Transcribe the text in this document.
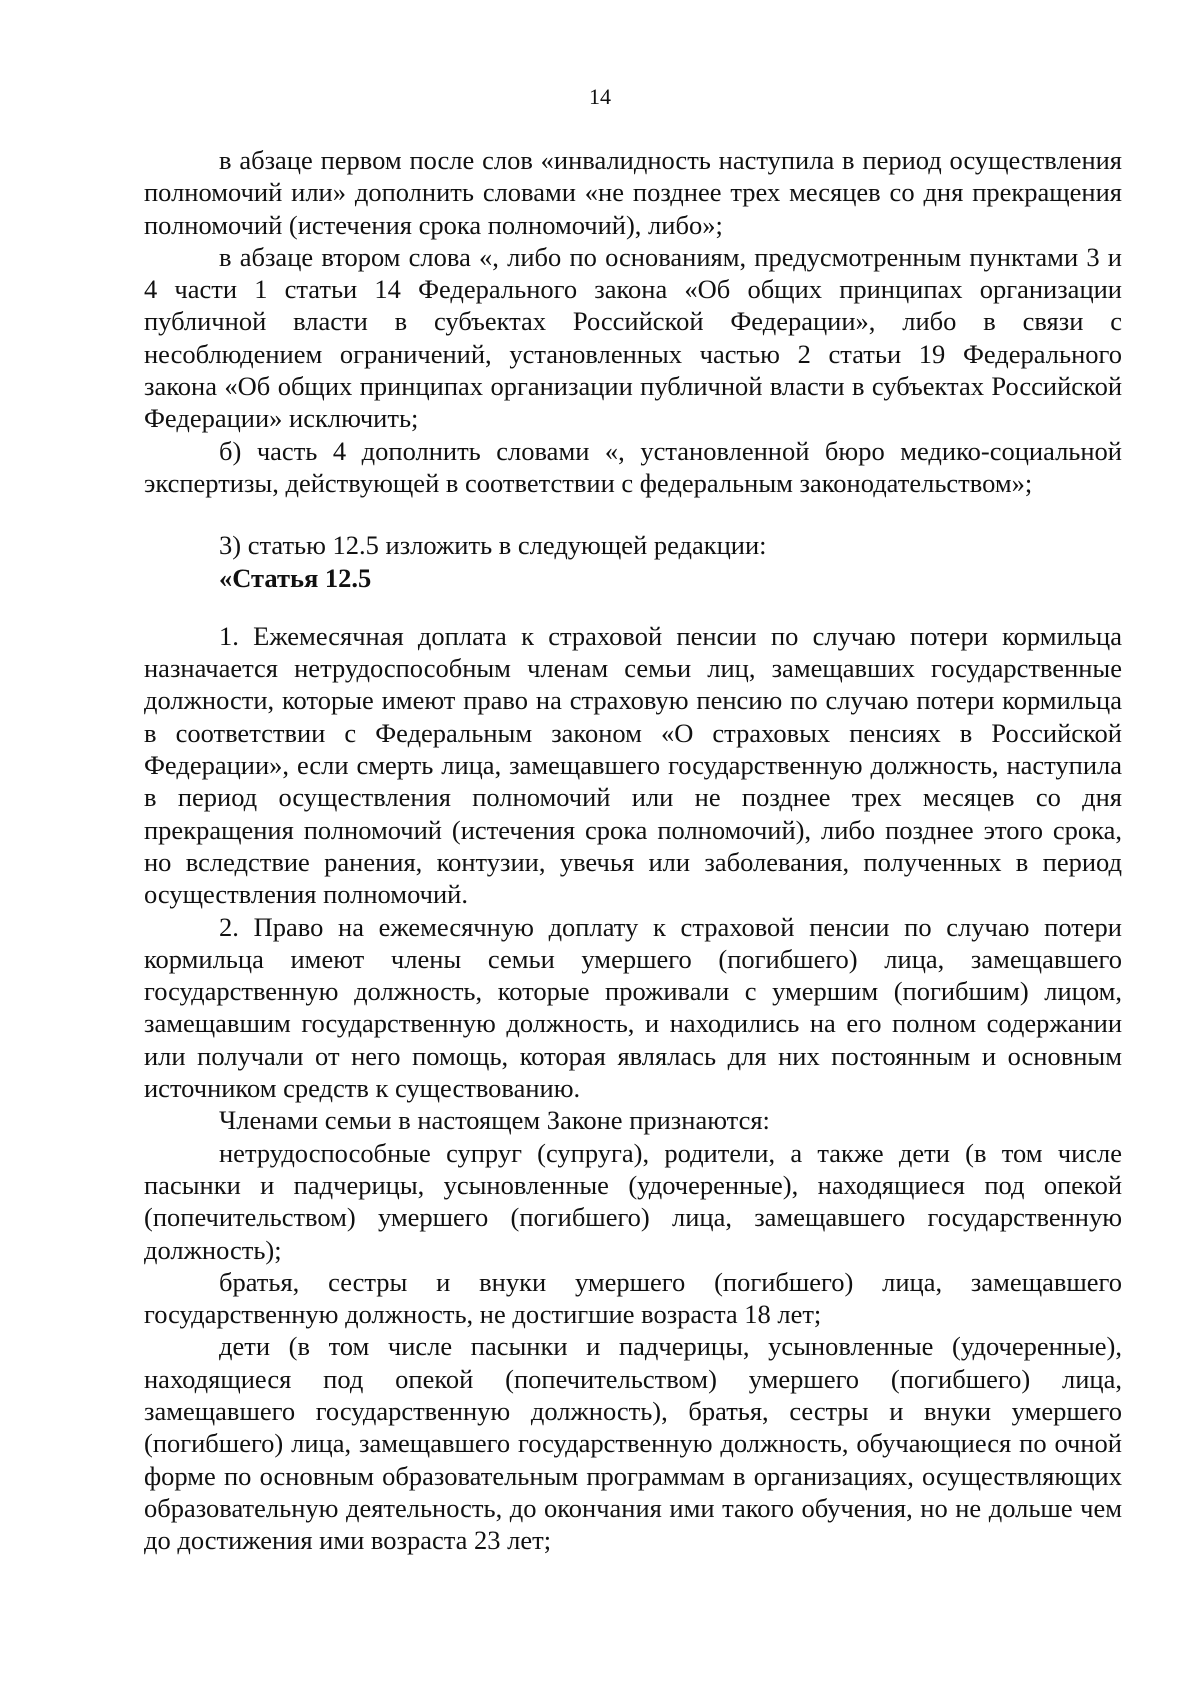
14

в абзаце первом после слов «инвалидность наступила в период осуществления полномочий или» дополнить словами «не позднее трех месяцев со дня прекращения полномочий (истечения срока полномочий), либо»;

в абзаце втором слова «, либо по основаниям, предусмотренным пунктами 3 и 4 части 1 статьи 14 Федерального закона «Об общих принципах организации публичной власти в субъектах Российской Федерации», либо в связи с несоблюдением ограничений, установленных частью 2 статьи 19 Федерального закона «Об общих принципах организации публичной власти в субъектах Российской Федерации» исключить;

б) часть 4 дополнить словами «, установленной бюро медико-социальной экспертизы, действующей в соответствии с федеральным законодательством»;

3) статью 12.5 изложить в следующей редакции:

«Статья 12.5

1. Ежемесячная доплата к страховой пенсии по случаю потери кормильца назначается нетрудоспособным членам семьи лиц, замещавших государственные должности, которые имеют право на страховую пенсию по случаю потери кормильца в соответствии с Федеральным законом «О страховых пенсиях в Российской Федерации», если смерть лица, замещавшего государственную должность, наступила в период осуществления полномочий или не позднее трех месяцев со дня прекращения полномочий (истечения срока полномочий), либо позднее этого срока, но вследствие ранения, контузии, увечья или заболевания, полученных в период осуществления полномочий.

2. Право на ежемесячную доплату к страховой пенсии по случаю потери кормильца имеют члены семьи умершего (погибшего) лица, замещавшего государственную должность, которые проживали с умершим (погибшим) лицом, замещавшим государственную должность, и находились на его полном содержании или получали от него помощь, которая являлась для них постоянным и основным источником средств к существованию.

Членами семьи в настоящем Законе признаются:

нетрудоспособные супруг (супруга), родители, а также дети (в том числе пасынки и падчерицы, усыновленные (удочеренные), находящиеся под опекой (попечительством) умершего (погибшего) лица, замещавшего государственную должность);

братья, сестры и внуки умершего (погибшего) лица, замещавшего государственную должность, не достигшие возраста 18 лет;

дети (в том числе пасынки и падчерицы, усыновленные (удочеренные), находящиеся под опекой (попечительством) умершего (погибшего) лица, замещавшего государственную должность), братья, сестры и внуки умершего (погибшего) лица, замещавшего государственную должность, обучающиеся по очной форме по основным образовательным программам в организациях, осуществляющих образовательную деятельность, до окончания ими такого обучения, но не дольше чем до достижения ими возраста 23 лет;
